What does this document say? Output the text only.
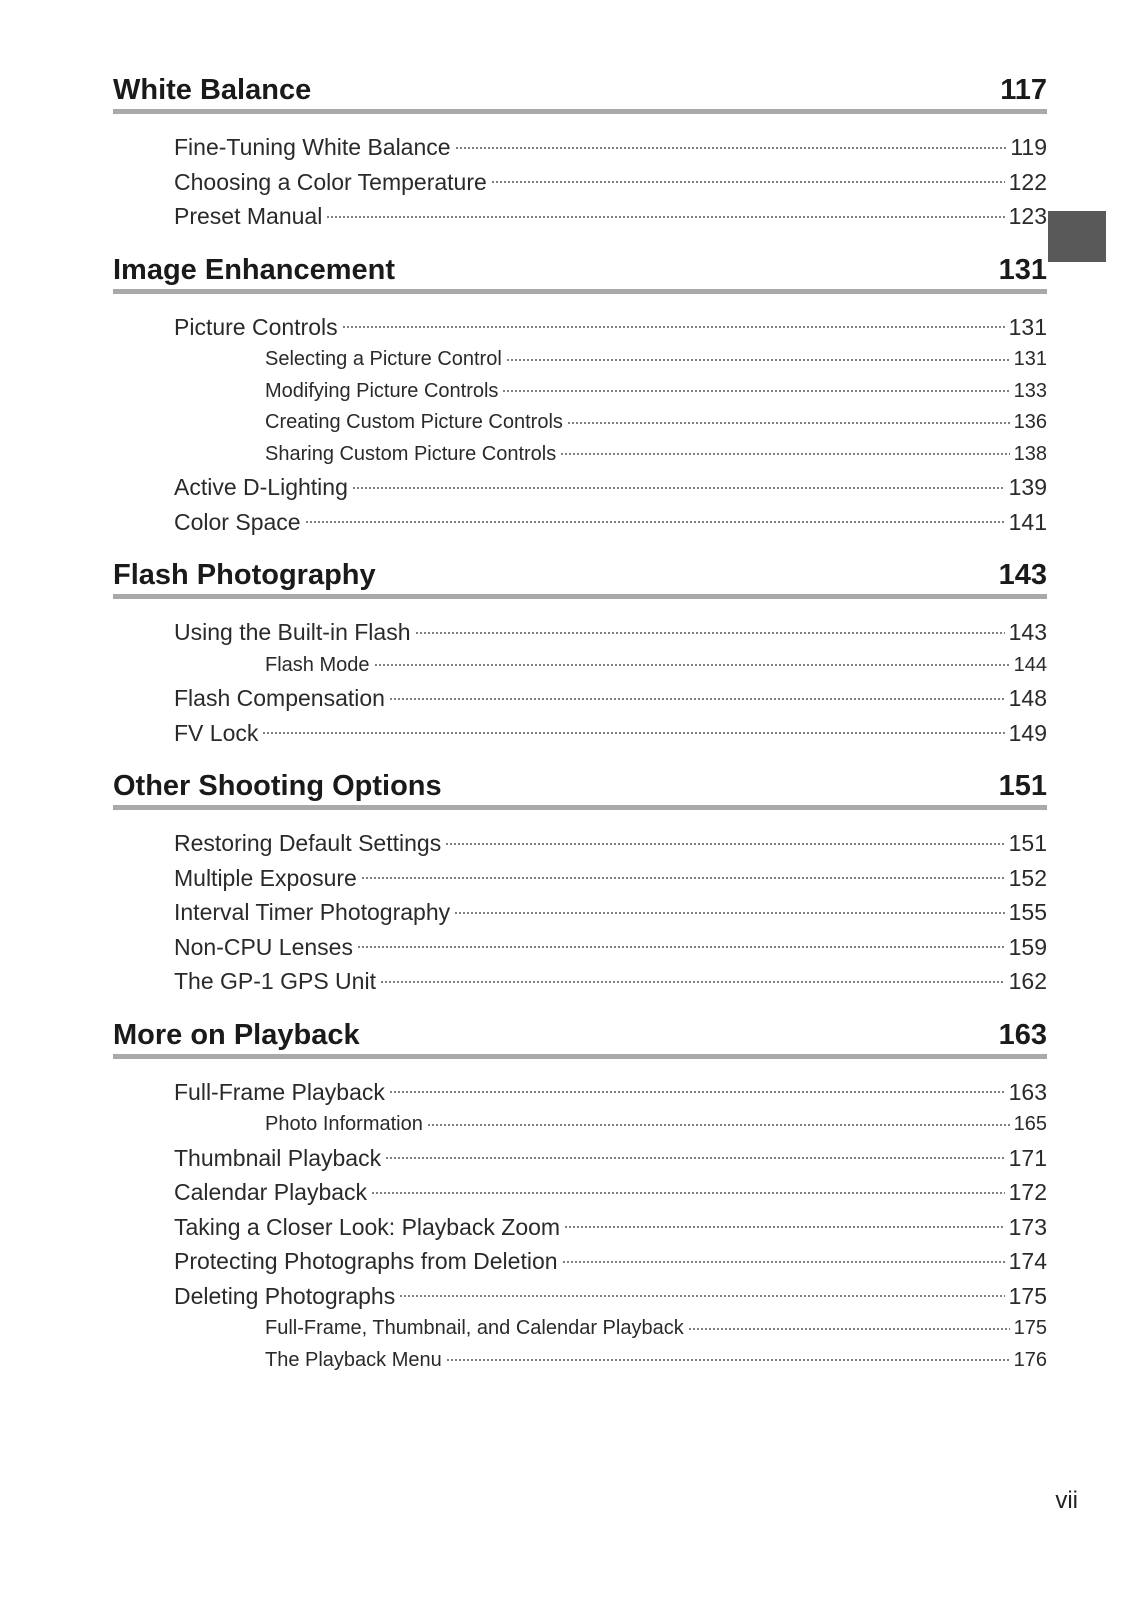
White Balance	117
Fine-Tuning White Balance	119
Choosing a Color Temperature	122
Preset Manual	123
Image Enhancement	131
Picture Controls	131
Selecting a Picture Control	131
Modifying Picture Controls	133
Creating Custom Picture Controls	136
Sharing Custom Picture Controls	138
Active D-Lighting	139
Color Space	141
Flash Photography	143
Using the Built-in Flash	143
Flash Mode	144
Flash Compensation	148
FV Lock	149
Other Shooting Options	151
Restoring Default Settings	151
Multiple Exposure	152
Interval Timer Photography	155
Non-CPU Lenses	159
The GP-1 GPS Unit	162
More on Playback	163
Full-Frame Playback	163
Photo Information	165
Thumbnail Playback	171
Calendar Playback	172
Taking a Closer Look: Playback Zoom	173
Protecting Photographs from Deletion	174
Deleting Photographs	175
Full-Frame, Thumbnail, and Calendar Playback	175
The Playback Menu	176
vii
